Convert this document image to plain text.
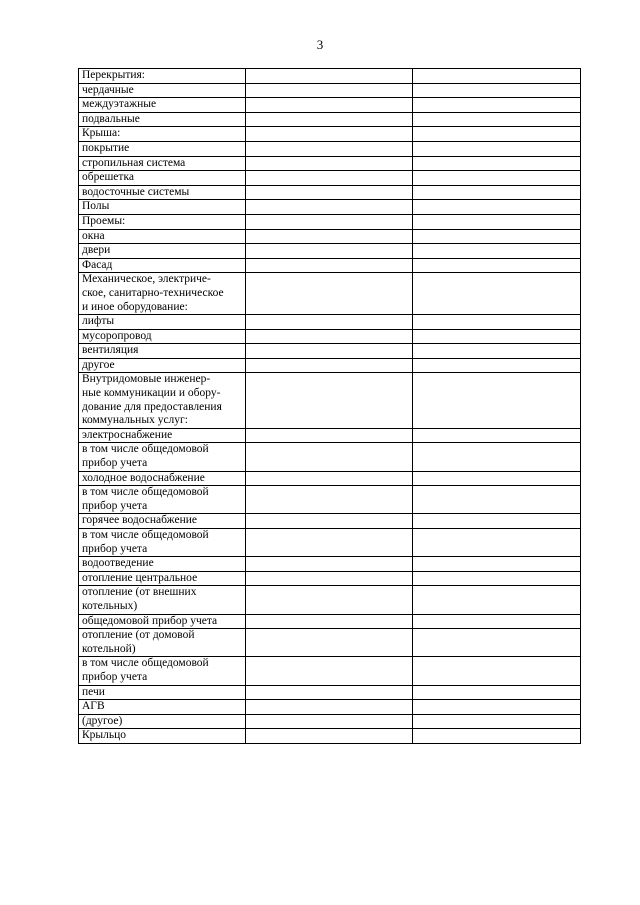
3
Перекрытия:		
чердачные		
междуэтажные		
подвальные		
Крыша:		
покрытие		
стропильная система		
обрешетка		
водосточные системы		
Полы		
Проемы:		
окна		
двери		
Фасад		
Механическое, электриче-
ское, санитарно-техническое
и иное оборудование:		
лифты		
мусоропровод		
вентиляция		
другое		
Внутридомовые инженер-
ные коммуникации и обору-
дование для предоставления
коммунальных услуг:		
электроснабжение		
в том числе общедомовой
прибор учета		
холодное водоснабжение		
в том числе общедомовой
прибор учета		
горячее водоснабжение		
в том числе общедомовой
прибор учета		
водоотведение		
отопление центральное		
отопление (от внешних
котельных)		
общедомовой прибор учета		
отопление (от домовой
котельной)		
в том числе общедомовой
прибор учета		
печи		
АГВ		
(другое)		
Крыльцо		
